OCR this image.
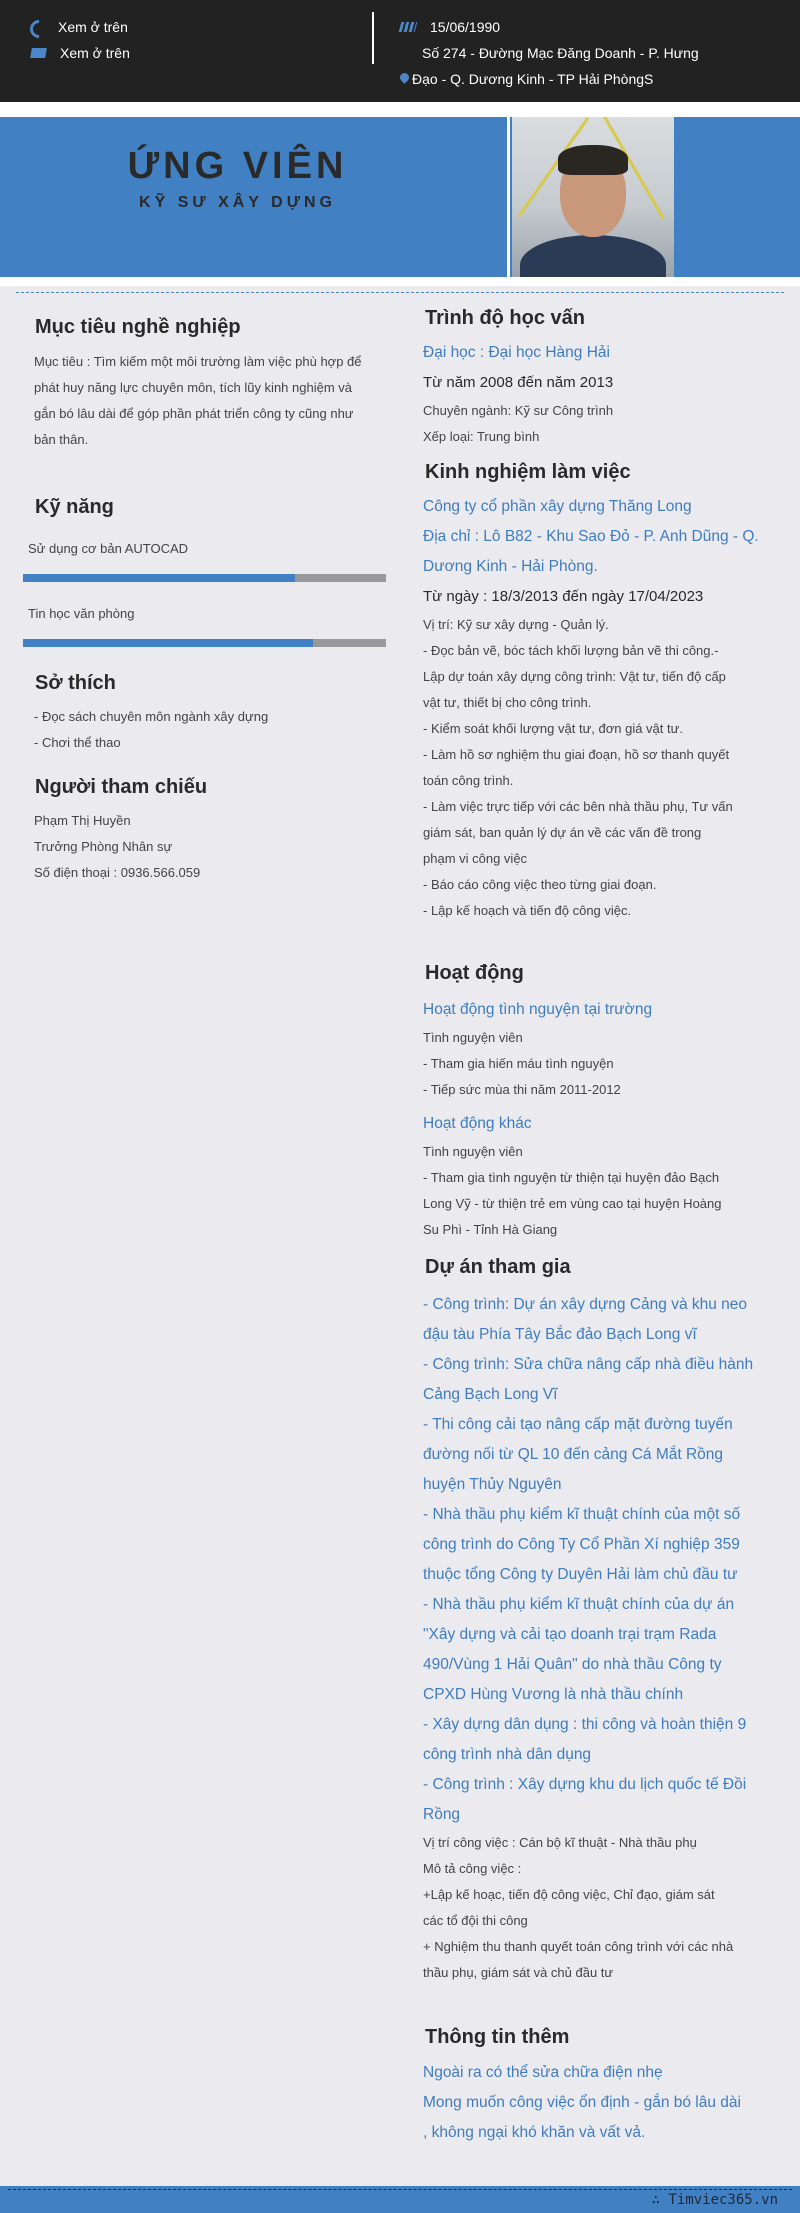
Xem ở trên
Xem ở trên
15/06/1990
Số 274 - Đường Mạc Đăng Doanh - P. Hưng
Đạo - Q. Dương Kinh - TP Hải PhòngS
ỨNG VIÊN
KỸ SƯ XÂY DỰNG
Mục tiêu nghề nghiệp
Mục tiêu : Tìm kiếm một môi trường làm việc phù hợp để
phát huy năng lực chuyên môn, tích lũy kinh nghiệm và
gắn bó lâu dài để góp phần phát triển công ty cũng như
bản thân.
Kỹ năng
Sử dụng cơ bản AUTOCAD
Tin học văn phòng
Sở thích
- Đọc sách chuyên môn ngành xây dựng
- Chơi thể thao
Người tham chiếu
Phạm Thị Huyền
Trưởng Phòng Nhân sự
Số điện thoại : 0936.566.059
Trình độ học vấn
Đại học : Đại học Hàng Hải
Từ năm 2008 đến năm 2013
Chuyên ngành: Kỹ sư Công trình
Xếp loại: Trung bình
Kinh nghiệm làm việc
Công ty cổ phần xây dựng Thăng Long
Địa chỉ : Lô B82 - Khu Sao Đỏ - P. Anh Dũng - Q.
Dương Kinh - Hải Phòng.
Từ ngày : 18/3/2013 đến ngày 17/04/2023
Vị trí: Kỹ sư xây dựng - Quản lý.
- Đọc bản vẽ, bóc tách khối lượng bản vẽ thi công.-
Lập dự toán xây dựng công trình: Vật tư, tiến độ cấp
vật tư, thiết bị cho công trình.
- Kiểm soát khối lượng vật tư, đơn giá vật tư.
- Làm hồ sơ nghiệm thu giai đoạn, hồ sơ thanh quyết
toán công trình.
- Làm việc trực tiếp với các bên nhà thầu phụ, Tư vấn
giám sát, ban quản lý dự án về các vấn đề trong
phạm vi công việc
- Báo cáo công việc theo từng giai đoạn.
- Lập kế hoạch và tiến độ công việc.
Hoạt động
Hoạt động tình nguyện tại trường
Tình nguyện viên
- Tham gia hiến máu tình nguyện
- Tiếp sức mùa thi năm 2011-2012
Hoạt động khác
Tình nguyện viên
- Tham gia tình nguyện từ thiện tại huyện đảo Bạch
Long Vỹ - từ thiện trẻ em vùng cao tại huyện Hoàng
Su Phì - Tỉnh Hà Giang
Dự án tham gia
- Công trình: Dự án xây dựng Cảng và khu neo
đậu tàu Phía Tây Bắc đảo Bạch Long vĩ
- Công trình: Sửa chữa nâng cấp nhà điều hành
Cảng Bạch Long Vĩ
- Thi công cải tạo nâng cấp mặt đường tuyến
đường nối từ QL 10 đến cảng Cá Mắt Rồng
huyện Thủy Nguyên
- Nhà thầu phụ kiểm kĩ thuật chính của một số
công trình do Công Ty Cổ Phần Xí nghiệp 359
thuộc tổng Công ty Duyên Hải làm chủ đầu tư
- Nhà thầu phụ kiểm kĩ thuật chính của dự án
"Xây dựng và cải tạo doanh trại trạm Rada
490/Vùng 1 Hải Quân" do nhà thầu Công ty
CPXD Hùng Vương là nhà thầu chính
- Xây dựng dân dụng : thi công và hoàn thiện 9
công trình nhà dân dụng
- Công trình : Xây dựng khu du lịch quốc tế Đồi
Rồng
Vị trí công việc : Cán bộ kĩ thuật - Nhà thầu phụ
Mô tả công việc :
+Lập kế hoạc, tiến độ công việc, Chỉ đạo, giám sát
các tổ đội thi công
+ Nghiệm thu thanh quyết toán công trình với các nhà
thầu phụ, giám sát và chủ đầu tư
Thông tin thêm
Ngoài ra có thể sửa chữa điện nhẹ
Mong muốn công việc ổn định - gắn bó lâu dài
, không ngại khó khăn và vất vả.
∴ Timviec365.vn
